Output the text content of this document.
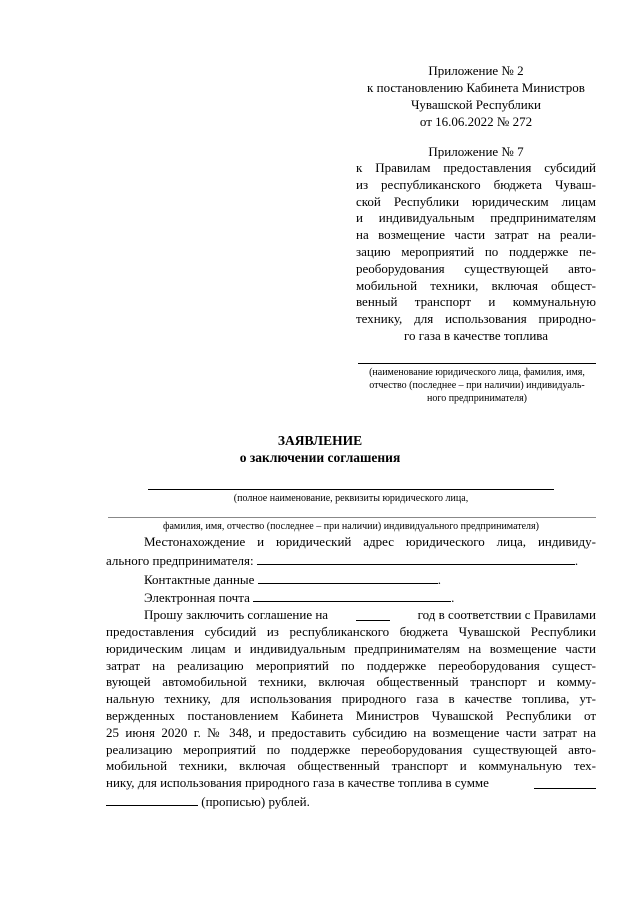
Приложение № 2
к постановлению Кабинета Министров
Чувашской Республики
от 16.06.2022 № 272
Приложение № 7
к Правилам предоставления субсидий
из республиканского бюджета Чуваш-
ской Республики юридическим лицам
и индивидуальным предпринимателям
на возмещение части затрат на реали-
зацию мероприятий по поддержке пе-
реоборудования существующей авто-
мобильной техники, включая общест-
венный транспорт и коммунальную
технику, для использования природно-
го газа в качестве топлива
(наименование юридического лица, фамилия, имя,
отчество (последнее – при наличии) индивидуаль-
ного предпринимателя)
ЗАЯВЛЕНИЕ
о заключении соглашения
(полное наименование, реквизиты юридического лица,
фамилия, имя, отчество (последнее – при наличии) индивидуального предпринимателя)
Местонахождение и юридический адрес юридического лица, индивиду-
ального предпринимателя:	.
Контактные данные	.
Электронная почта	.
Прошу заключить соглашение на	год в соответствии с Правилами
предоставления субсидий из республиканского бюджета Чувашской Республики
юридическим лицам и индивидуальным предпринимателям на возмещение части
затрат на реализацию мероприятий по поддержке переоборудования сущест-
вующей автомобильной техники, включая общественный транспорт и комму-
нальную технику, для использования природного газа в качестве топлива, ут-
вержденных постановлением Кабинета Министров Чувашской Республики от
25 июня 2020 г. № 348, и предоставить субсидию на возмещение части затрат на
реализацию мероприятий по поддержке переоборудования существующей авто-
мобильной техники, включая общественный транспорт и коммунальную тех-
нику, для использования природного газа в качестве топлива в сумме
(прописью) рублей.
